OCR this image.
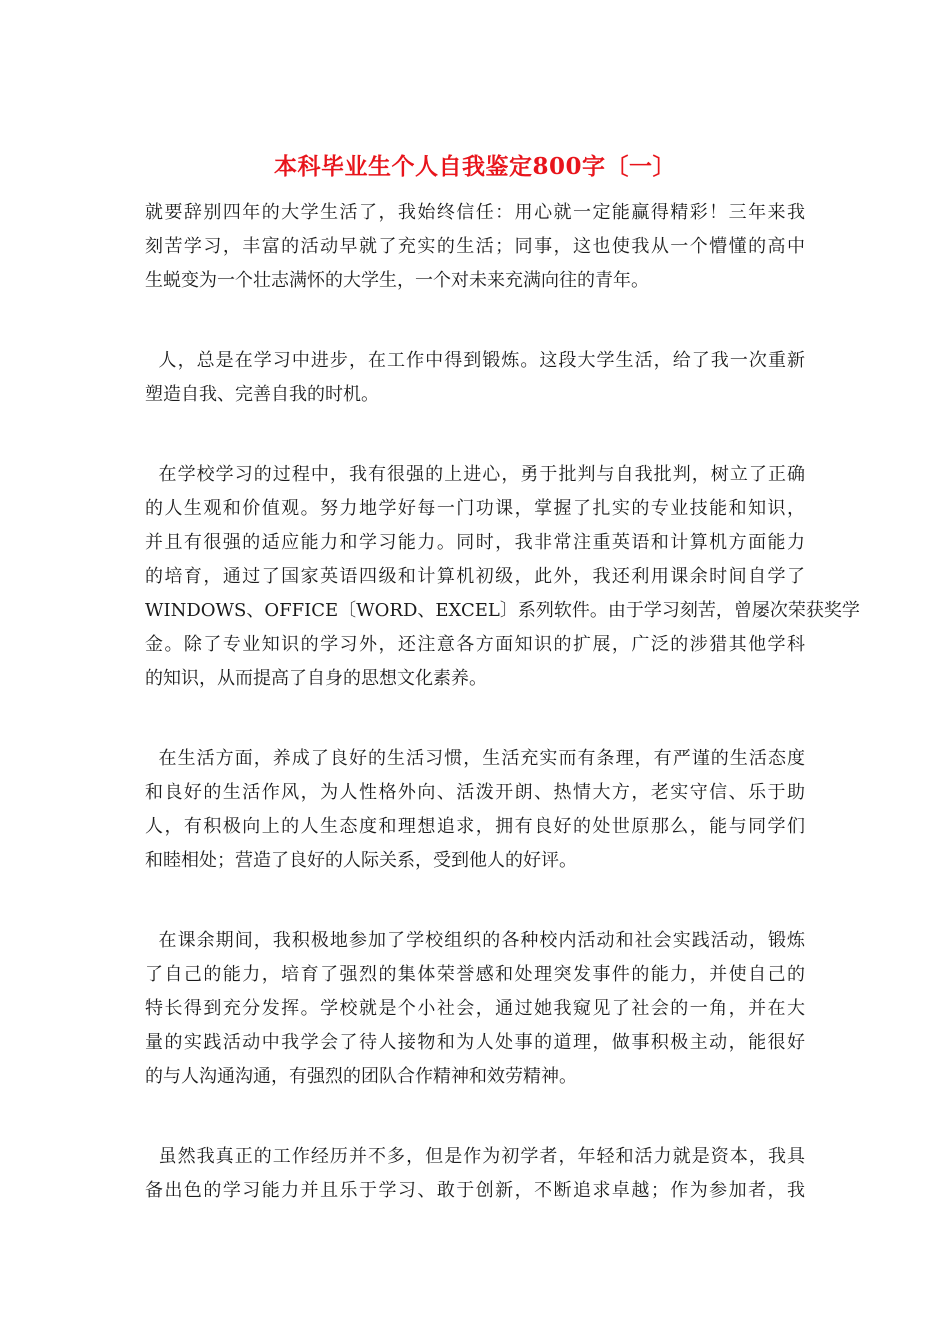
本科毕业生个人自我鉴定800字〔一〕
就要辞别四年的大学生活了，我始终信任：用心就一定能赢得精彩！三年来我
刻苦学习，丰富的活动早就了充实的生活；同事，这也使我从一个懵懂的高中
生蜕变为一个壮志满怀的大学生，一个对未来充满向往的青年。
人，总是在学习中进步，在工作中得到锻炼。这段大学生活，给了我一次重新
塑造自我、完善自我的时机。
在学校学习的过程中，我有很强的上进心，勇于批判与自我批判，树立了正确
的人生观和价值观。努力地学好每一门功课，掌握了扎实的专业技能和知识，
并且有很强的适应能力和学习能力。同时，我非常注重英语和计算机方面能力
的培育，通过了国家英语四级和计算机初级，此外，我还利用课余时间自学了
WINDOWS、OFFICE〔WORD、EXCEL〕系列软件。由于学习刻苦，曾屡次荣获奖学
金。除了专业知识的学习外，还注意各方面知识的扩展，广泛的涉猎其他学科
的知识，从而提高了自身的思想文化素养。
在生活方面，养成了良好的生活习惯，生活充实而有条理，有严谨的生活态度
和良好的生活作风，为人性格外向、活泼开朗、热情大方，老实守信、乐于助
人，有积极向上的人生态度和理想追求，拥有良好的处世原那么，能与同学们
和睦相处；营造了良好的人际关系，受到他人的好评。
在课余期间，我积极地参加了学校组织的各种校内活动和社会实践活动，锻炼
了自己的能力，培育了强烈的集体荣誉感和处理突发事件的能力，并使自己的
特长得到充分发挥。学校就是个小社会，通过她我窥见了社会的一角，并在大
量的实践活动中我学会了待人接物和为人处事的道理，做事积极主动，能很好
的与人沟通沟通，有强烈的团队合作精神和效劳精神。
虽然我真正的工作经历并不多，但是作为初学者，年轻和活力就是资本，我具
备出色的学习能力并且乐于学习、敢于创新，不断追求卓越；作为参加者，我
